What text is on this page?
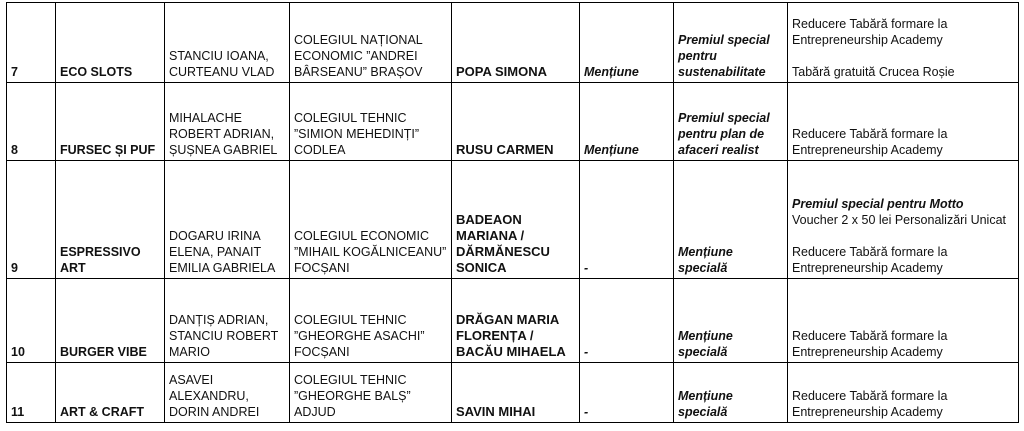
7	ECO SLOTS	STANCIU IOANA, CURTEANU VLAD	COLEGIUL NAȚIONAL ECONOMIC ”ANDREI BÂRSEANU” BRAȘOV	POPA SIMONA	Mențiune	Premiul special pentru sustenabilitate	Reducere Tabără formare la Entrepreneurship Academy
Tabără gratuită Crucea Roșie

8	FURSEC ȘI PUF	MIHALACHE ROBERT ADRIAN, ȘUȘNEA GABRIEL	COLEGIUL TEHNIC ”SIMION MEHEDINȚI” CODLEA	RUSU CARMEN	Mențiune	Premiul special pentru plan de afaceri realist	Reducere Tabără formare la Entrepreneurship Academy

9	ESPRESSIVO ART	DOGARU IRINA ELENA, PANAIT EMILIA GABRIELA	COLEGIUL ECONOMIC ”MIHAIL KOGĂLNICEANU” FOCȘANI	BADEAON MARIANA / DĂRMĂNESCU SONICA	-	Mențiune specială	Premiul special pentru Motto
Voucher 2 x 50 lei Personalizări Unicat
Reducere Tabără formare la Entrepreneurship Academy

10	BURGER VIBE	DANȚIȘ ADRIAN, STANCIU ROBERT MARIO	COLEGIUL TEHNIC ”GHEORGHE ASACHI” FOCȘANI	DRĂGAN MARIA FLORENȚA / BACĂU MIHAELA	-	Mențiune specială	Reducere Tabără formare la Entrepreneurship Academy

11	ART & CRAFT	ASAVEI ALEXANDRU, DORIN ANDREI	COLEGIUL TEHNIC ”GHEORGHE BALȘ” ADJUD	SAVIN MIHAI	-	Mențiune specială	Reducere Tabără formare la Entrepreneurship Academy
